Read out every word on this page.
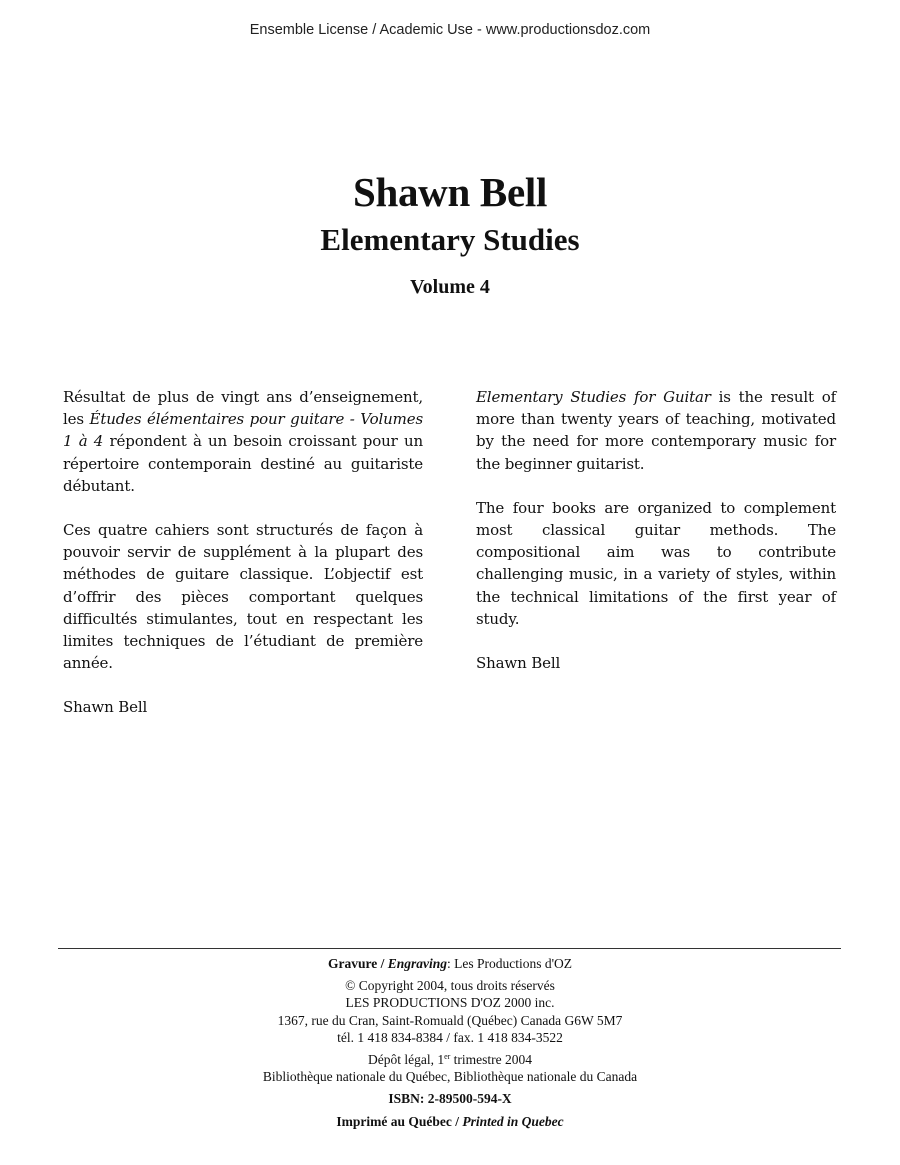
Ensemble License / Academic Use - www.productionsdoz.com
Shawn Bell
Elementary Studies
Volume 4

Résultat de plus de vingt ans d’enseignement, les Études élémentaires pour guitare - Volumes 1 à 4 répondent à un besoin croissant pour un répertoire contemporain destiné au guitariste débutant.

Ces quatre cahiers sont structurés de façon à pouvoir servir de supplément à la plupart des méthodes de guitare classique. L’objectif est d’offrir des pièces comportant quelques difficultés stimulantes, tout en respectant les limites techniques de l’étudiant de première année.

Shawn Bell

Elementary Studies for Guitar is the result of more than twenty years of teaching, motivated by the need for more contemporary music for the beginner guitarist.

The four books are organized to complement most classical guitar methods. The compositional aim was to contribute challenging music, in a variety of styles, within the technical limitations of the first year of study.

Shawn Bell

Gravure / Engraving: Les Productions d'OZ
© Copyright 2004, tous droits réservés
LES PRODUCTIONS D'OZ 2000 inc.
1367, rue du Cran, Saint-Romuald (Québec) Canada G6W 5M7
tél. 1 418 834-8384 / fax. 1 418 834-3522
Dépôt légal, 1er trimestre 2004
Bibliothèque nationale du Québec, Bibliothèque nationale du Canada
ISBN: 2-89500-594-X
Imprimé au Québec / Printed in Quebec
